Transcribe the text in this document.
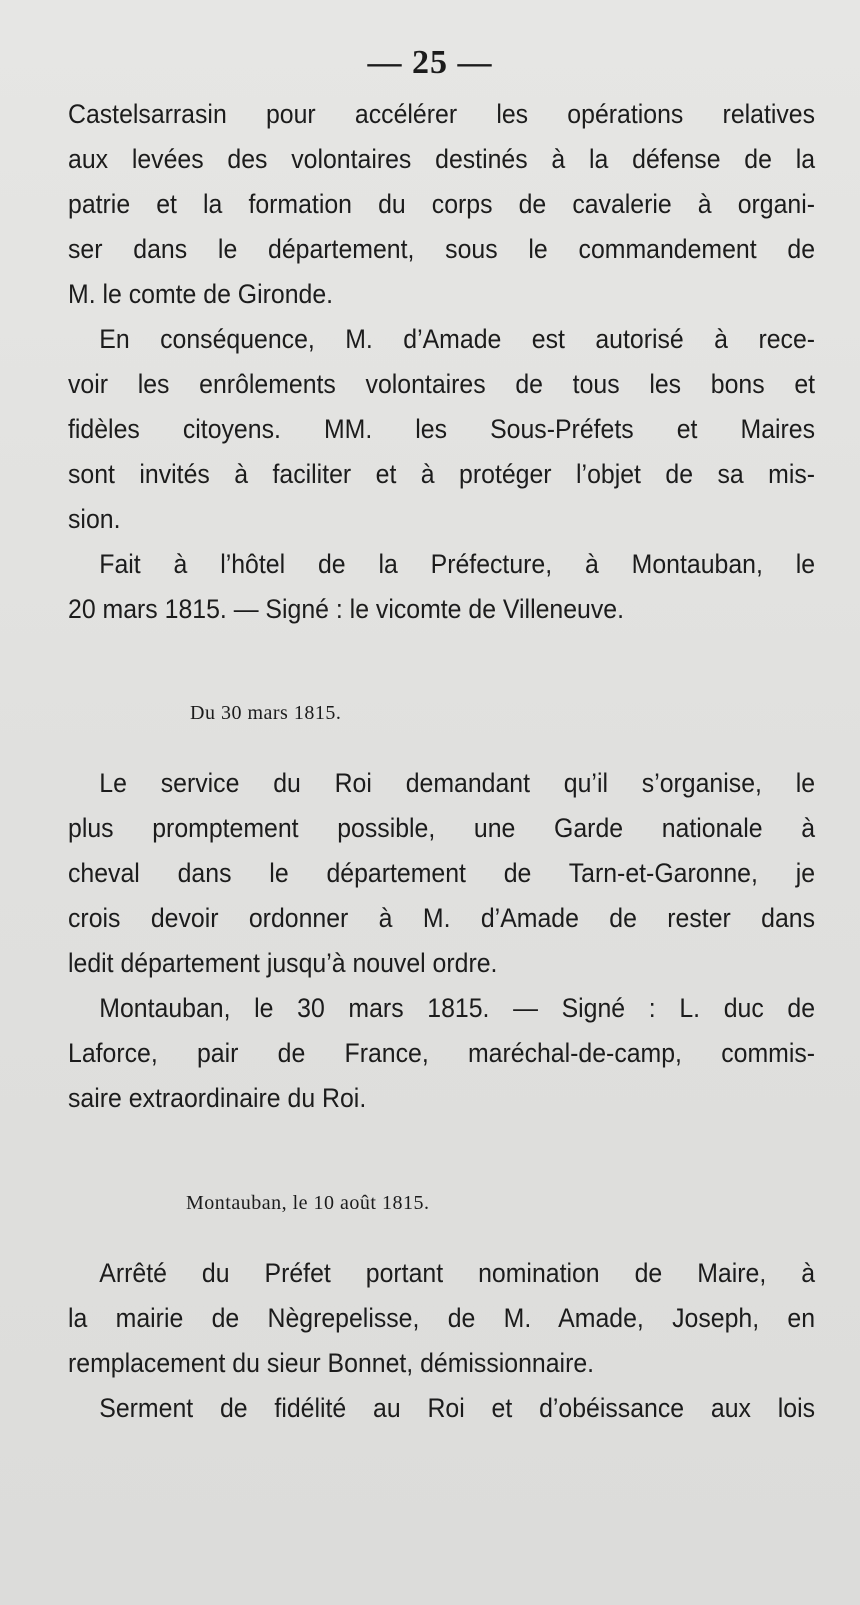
— 25 —
Castelsarrasin pour accélérer les opérations relatives
aux levées des volontaires destinés à la défense de la
patrie et la formation du corps de cavalerie à organi-
ser dans le département, sous le commandement de
M. le comte de Gironde.
En conséquence, M. d’Amade est autorisé à rece-
voir les enrôlements volontaires de tous les bons et
fidèles citoyens. MM. les Sous-Préfets et Maires
sont invités à faciliter et à protéger l’objet de sa mis-
sion.
Fait à l’hôtel de la Préfecture, à Montauban, le
20 mars 1815. — Signé : le vicomte de Villeneuve.
Du 30 mars 1815.
Le service du Roi demandant qu’il s’organise, le
plus promptement possible, une Garde nationale à
cheval dans le département de Tarn-et-Garonne, je
crois devoir ordonner à M. d’Amade de rester dans
ledit département jusqu’à nouvel ordre.
Montauban, le 30 mars 1815. — Signé : L. duc de
Laforce, pair de France, maréchal-de-camp, commis-
saire extraordinaire du Roi.
Montauban, le 10 août 1815.
Arrêté du Préfet portant nomination de Maire, à
la mairie de Nègrepelisse, de M. Amade, Joseph, en
remplacement du sieur Bonnet, démissionnaire.
Serment de fidélité au Roi et d’obéissance aux lois
